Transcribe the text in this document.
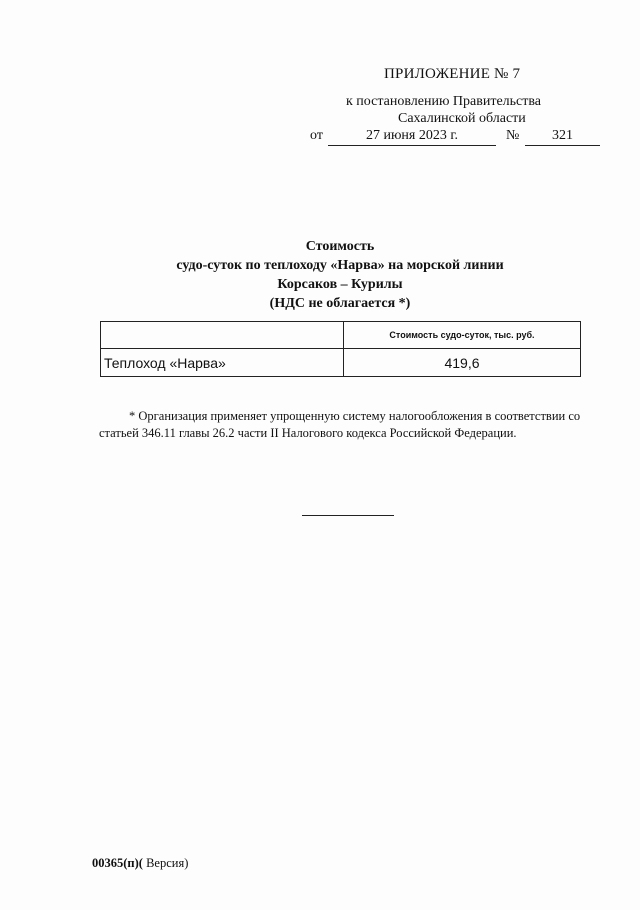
ПРИЛОЖЕНИЕ № 7
к постановлению Правительства
Сахалинской области
от	27 июня 2023 г.	№	321
Стоимость
судо-суток по теплоходу «Нарва» на морской линии
Корсаков – Курилы
(НДС не облагается *)
	Стоимость судо-суток, тыс. руб.
Теплоход «Нарва»	419,6
* Организация применяет упрощенную систему налогообложения в соответствии со
статьей 346.11 главы 26.2 части II Налогового кодекса Российской Федерации.
00365(п)( Версия)
